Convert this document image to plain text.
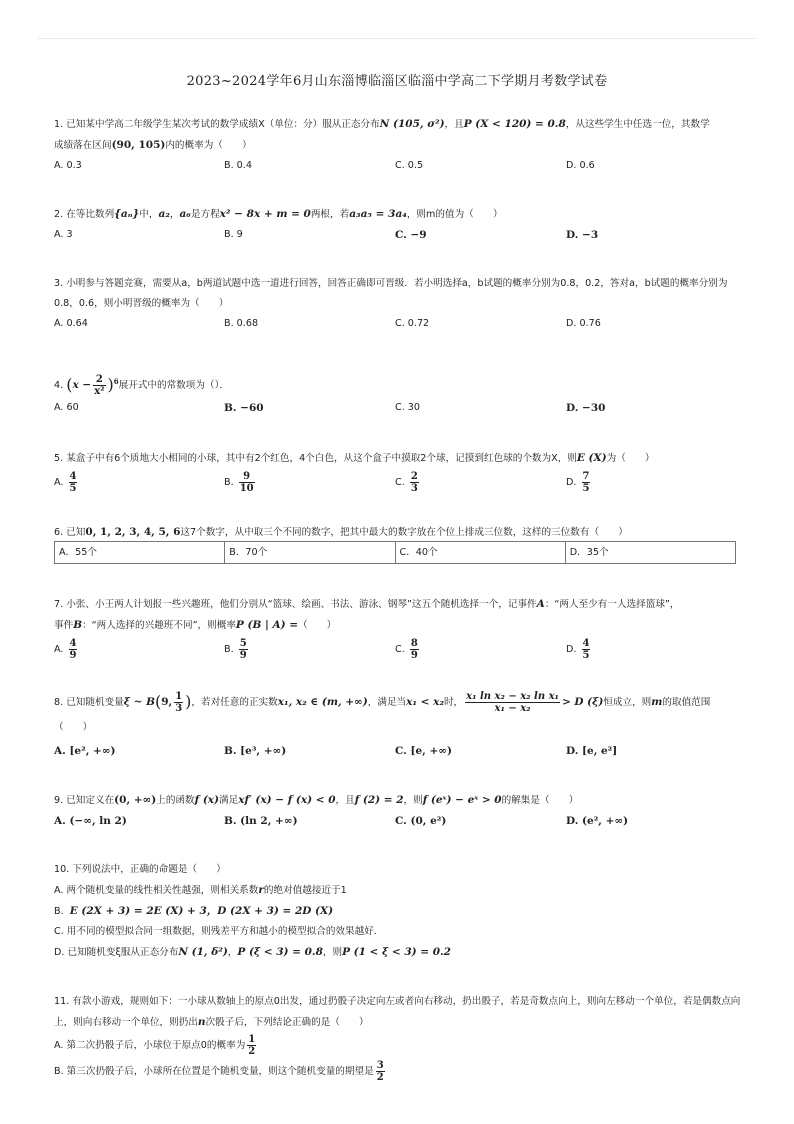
2023~2024学年6月山东淄博临淄区临淄中学高二下学期月考数学试卷
1. 已知某中学高二年级学生某次考试的数学成绩X（单位：分）服从正态分布N (105, σ²)，且P (X < 120) = 0.8，从这些学生中任选一位，其数学
成绩落在区间(90, 105)内的概率为（　　）
A. 0.3	B. 0.4	C. 0.5	D. 0.6
2. 在等比数列{aₙ}中，a₂，a₆是方程x² − 8x + m = 0两根，若a₃a₅ = 3a₄，则m的值为（　　）
A. 3	B. 9	C. −9	D. −3
3. 小明参与答题竞赛，需要从a，b两道试题中选一道进行回答，回答正确即可晋级．若小明选择a，b试题的概率分别为0.8，0.2，答对a，b试题的概率分别为0.8，0.6，则小明晋级的概率为（　　）
A. 0.64	B. 0.68	C. 0.72	D. 0.76
4. $(x - \frac{2}{\text{x²}} )^6$展开式中的常数项为（）．
A. 60	B. −60	C. 30	D. −30
5. 某盒子中有6个质地大小相同的小球，其中有2个红色，4个白色，从这个盒子中摸取2个球，记摸到红色球的个数为X，则E (X)为（　　）
A. $\frac{4}{5}$	B. $\frac{9}{10}$	C. $\frac{2}{3}$	D. $\frac{7}{5}$
6. 已知0, 1, 2, 3, 4, 5, 6这7个数字，从中取三个不同的数字，把其中最大的数字放在个位上排成三位数，这样的三位数有（　　）
A．55个	B．70个	C．40个	D．35个
7. 小张、小王两人计划报一些兴趣班，他们分别从“篮球、绘画、书法、游泳、钢琴”这五个随机选择一个，记事件A：“两人至少有一人选择篮球”，
事件B：“两人选择的兴趣班不同”，则概率P (B | A) =（　　）
A. $\frac{4}{9}$	B. $\frac{5}{9}$	C. $\frac{8}{9}$	D. $\frac{4}{5}$
8. 已知随机变量ξ ~ B(9, $\frac{1}{3}$ )，若对任意的正实数x₁, x₂ ∈ (m, +∞)，满足当x₁ < x₂时， $\frac{\text{x₁ ln x₂ − x₂ ln x₁}}{\text{x₁ − x₂}} > D$ (ξ)恒成立，则m的取值范围
（　　）
A. [e², +∞)	B. [e³, +∞)	C. [e, +∞)	D. [e, e²]
9. 已知定义在(0, +∞)上的函数f (x)满足xf′ (x) − f (x) < 0，且f (2) = 2，则f (eˣ) − eˣ > 0的解集是（　　）
A. (−∞, ln 2)	B. (ln 2, +∞)	C. (0, e²)	D. (e², +∞)
10. 下列说法中，正确的命题是（　　）
A. 两个随机变量的线性相关性越强，则相关系数r的绝对值越接近于1
B. E (2X + 3) = 2E (X) + 3，D (2X + 3) = 2D (X)
C. 用不同的模型拟合同一组数据，则残差平方和越小的模型拟合的效果越好．
D. 已知随机变ξ服从正态分布N (1, δ²)，P (ξ < 3) = 0.8，则P (1 < ξ < 3) = 0.2
11. 有款小游戏，规则如下：一小球从数轴上的原点0出发，通过扔骰子决定向左或者向右移动，扔出骰子，若是奇数点向上，则向左移动一个单位，若是偶数点向上，则向右移动一个单位，则扔出n次骰子后，下列结论正确的是（　　）
A. 第二次扔骰子后，小球位于原点0的概率为 $\frac{1}{2}$
B. 第三次扔骰子后，小球所在位置是个随机变量，则这个随机变量的期望是 $\frac{3}{2}$
